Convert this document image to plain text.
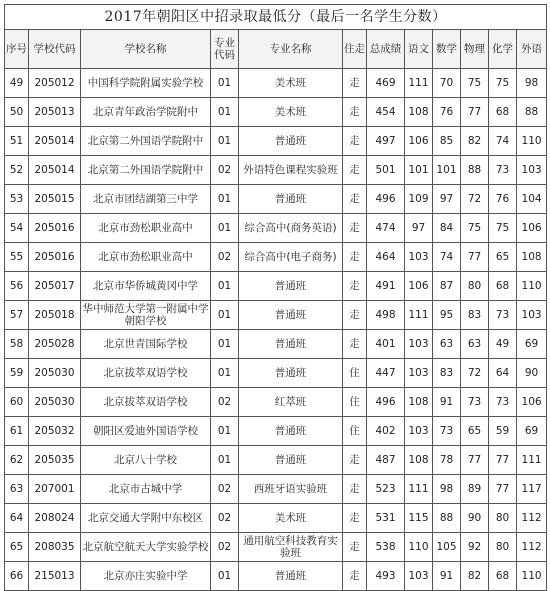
2017年朝阳区中招录取最低分（最后一名学生分数）											
序号	学校代码	学校名称	专业代码	专业名称	住走	总成绩	语文	数学	物理	化学	外语
49	205012	中国科学院附属实验学校	01	美术班	走	469	111	70	75	75	98
50	205013	北京青年政治学院附中	01	美术班	走	454	108	76	77	68	88
51	205014	北京第二外国语学院附中	01	普通班	走	497	106	85	82	74	110
52	205014	北京第二外国语学院附中	02	外语特色课程实验班	走	501	101	101	88	73	103
53	205015	北京市团结湖第三中学	01	普通班	走	496	109	97	72	76	104
54	205016	北京市劲松职业高中	01	综合高中(商务英语)	走	474	97	84	75	75	106
55	205016	北京市劲松职业高中	02	综合高中(电子商务)	走	464	103	74	77	65	108
56	205017	北京市华侨城黄冈中学	01	普通班	走	491	106	87	80	68	110
57	205018	华中师范大学第一附属中学朝阳学校	01	普通班	走	498	111	95	83	73	103
58	205028	北京世青国际学校	01	普通班	走	401	103	63	63	49	69
59	205030	北京拔萃双语学校	01	普通班	住	447	103	83	72	64	90
60	205030	北京拔萃双语学校	02	红萃班	住	496	108	91	73	73	106
61	205032	朝阳区爱迪外国语学校	01	普通班	住	402	103	73	65	59	69
62	205035	北京八十学校	01	普通班	走	487	108	78	77	77	111
63	207001	北京市古城中学	02	西班牙语实验班	走	523	111	98	89	77	117
64	208024	北京交通大学附中东校区	02	美术班	走	531	115	88	90	80	112
65	208035	北京航空航天大学实验学校	02	通用航空科技教育实验班	走	538	110	105	92	80	112
66	215013	北京亦庄实验中学	01	普通班	走	493	103	91	82	68	110
